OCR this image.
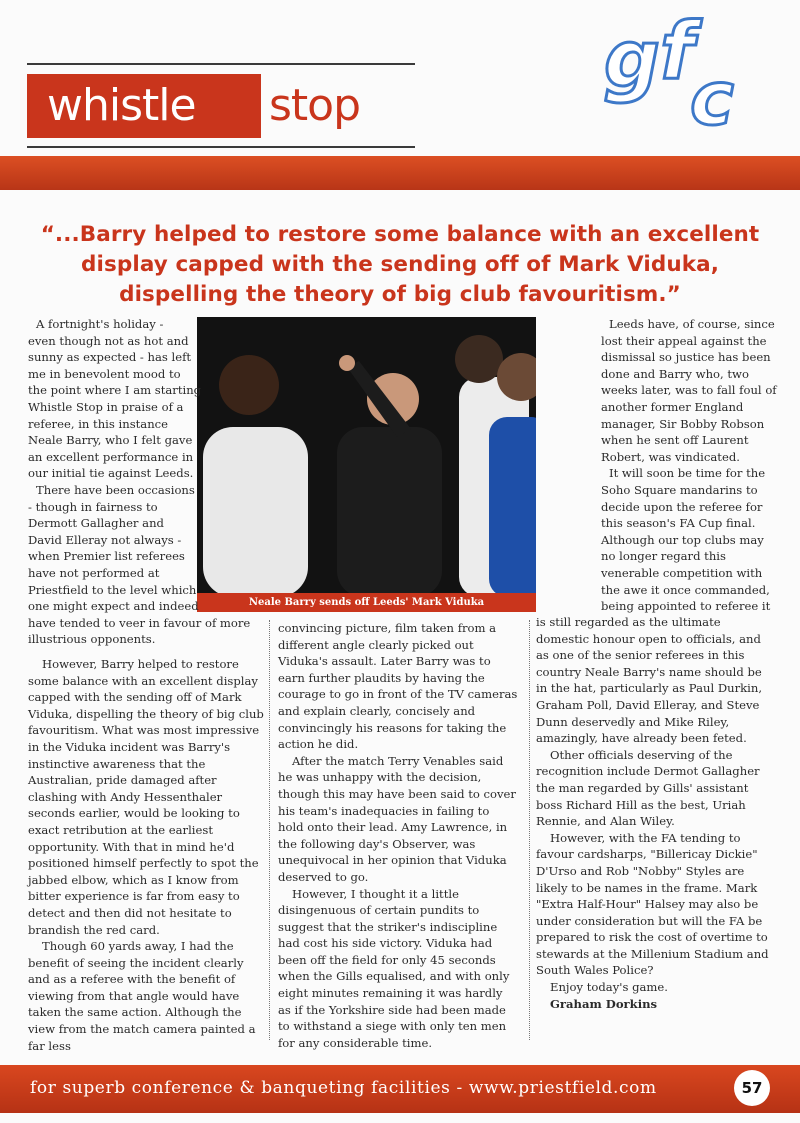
whistle stop
g f
c
“...Barry helped to restore some balance with an excellent display capped with the sending off of Mark Viduka, dispelling the theory of big club favouritism.”
Neale Barry sends off Leeds' Mark Viduka
A fortnight's holiday -
even though not as hot and
sunny as expected - has left
me in benevolent mood to
the point where I am starting
Whistle Stop in praise of a
referee, in this instance
Neale Barry, who I felt gave
an excellent performance in
our initial tie against Leeds.
There have been occasions
- though in fairness to
Dermott Gallagher and
David Elleray not always -
when Premier list referees
have not performed at
Priestfield to the level which
one might expect and indeed
have tended to veer in favour of more
illustrious opponents.

However, Barry helped to restore some balance with an excellent display capped with the sending off of Mark Viduka, dispelling the theory of big club favouritism. What was most impressive in the Viduka incident was Barry's instinctive awareness that the Australian, pride damaged after clashing with Andy Hessenthaler seconds earlier, would be looking to exact retribution at the earliest opportunity. With that in mind he'd positioned himself perfectly to spot the jabbed elbow, which as I know from bitter experience is far from easy to detect and then did not hesitate to brandish the red card.

Though 60 yards away, I had the benefit of seeing the incident clearly and as a referee with the benefit of viewing from that angle would have taken the same action. Although the view from the match camera painted a far less

convincing picture, film taken from a different angle clearly picked out Viduka's assault. Later Barry was to earn further plaudits by having the courage to go in front of the TV cameras and explain clearly, concisely and convincingly his reasons for taking the action he did.

After the match Terry Venables said he was unhappy with the decision, though this may have been said to cover his team's inadequacies in failing to hold onto their lead. Amy Lawrence, in the following day's Observer, was unequivocal in her opinion that Viduka deserved to go.

However, I thought it a little disingenuous of certain pundits to suggest that the striker's indiscipline had cost his side victory. Viduka had been off the field for only 45 seconds when the Gills equalised, and with only eight minutes remaining it was hardly as if the Yorkshire side had been made to withstand a siege with only ten men for any considerable time.

Leeds have, of course, since
lost their appeal against the
dismissal so justice has been
done and Barry who, two
weeks later, was to fall foul of
another former England
manager, Sir Bobby Robson
when he sent off Laurent
Robert, was vindicated.
It will soon be time for the
Soho Square mandarins to
decide upon the referee for
this season's FA Cup final.
Although our top clubs may
no longer regard this
venerable competition with
the awe it once commanded,
being appointed to referee it

is still regarded as the ultimate domestic honour open to officials, and as one of the senior referees in this country Neale Barry's name should be in the hat, particularly as Paul Durkin, Graham Poll, David Elleray, and Steve Dunn deservedly and Mike Riley, amazingly, have already been feted.

Other officials deserving of the recognition include Dermot Gallagher the man regarded by Gills' assistant boss Richard Hill as the best, Uriah Rennie, and Alan Wiley.

However, with the FA tending to favour cardsharps, "Billericay Dickie" D'Urso and Rob "Nobby" Styles are likely to be names in the frame. Mark "Extra Half-Hour" Halsey may also be under consideration but will the FA be prepared to risk the cost of overtime to stewards at the Millenium Stadium and South Wales Police?

Enjoy today's game.

Graham Dorkins

for superb conference & banqueting facilities - www.priestfield.com	57
